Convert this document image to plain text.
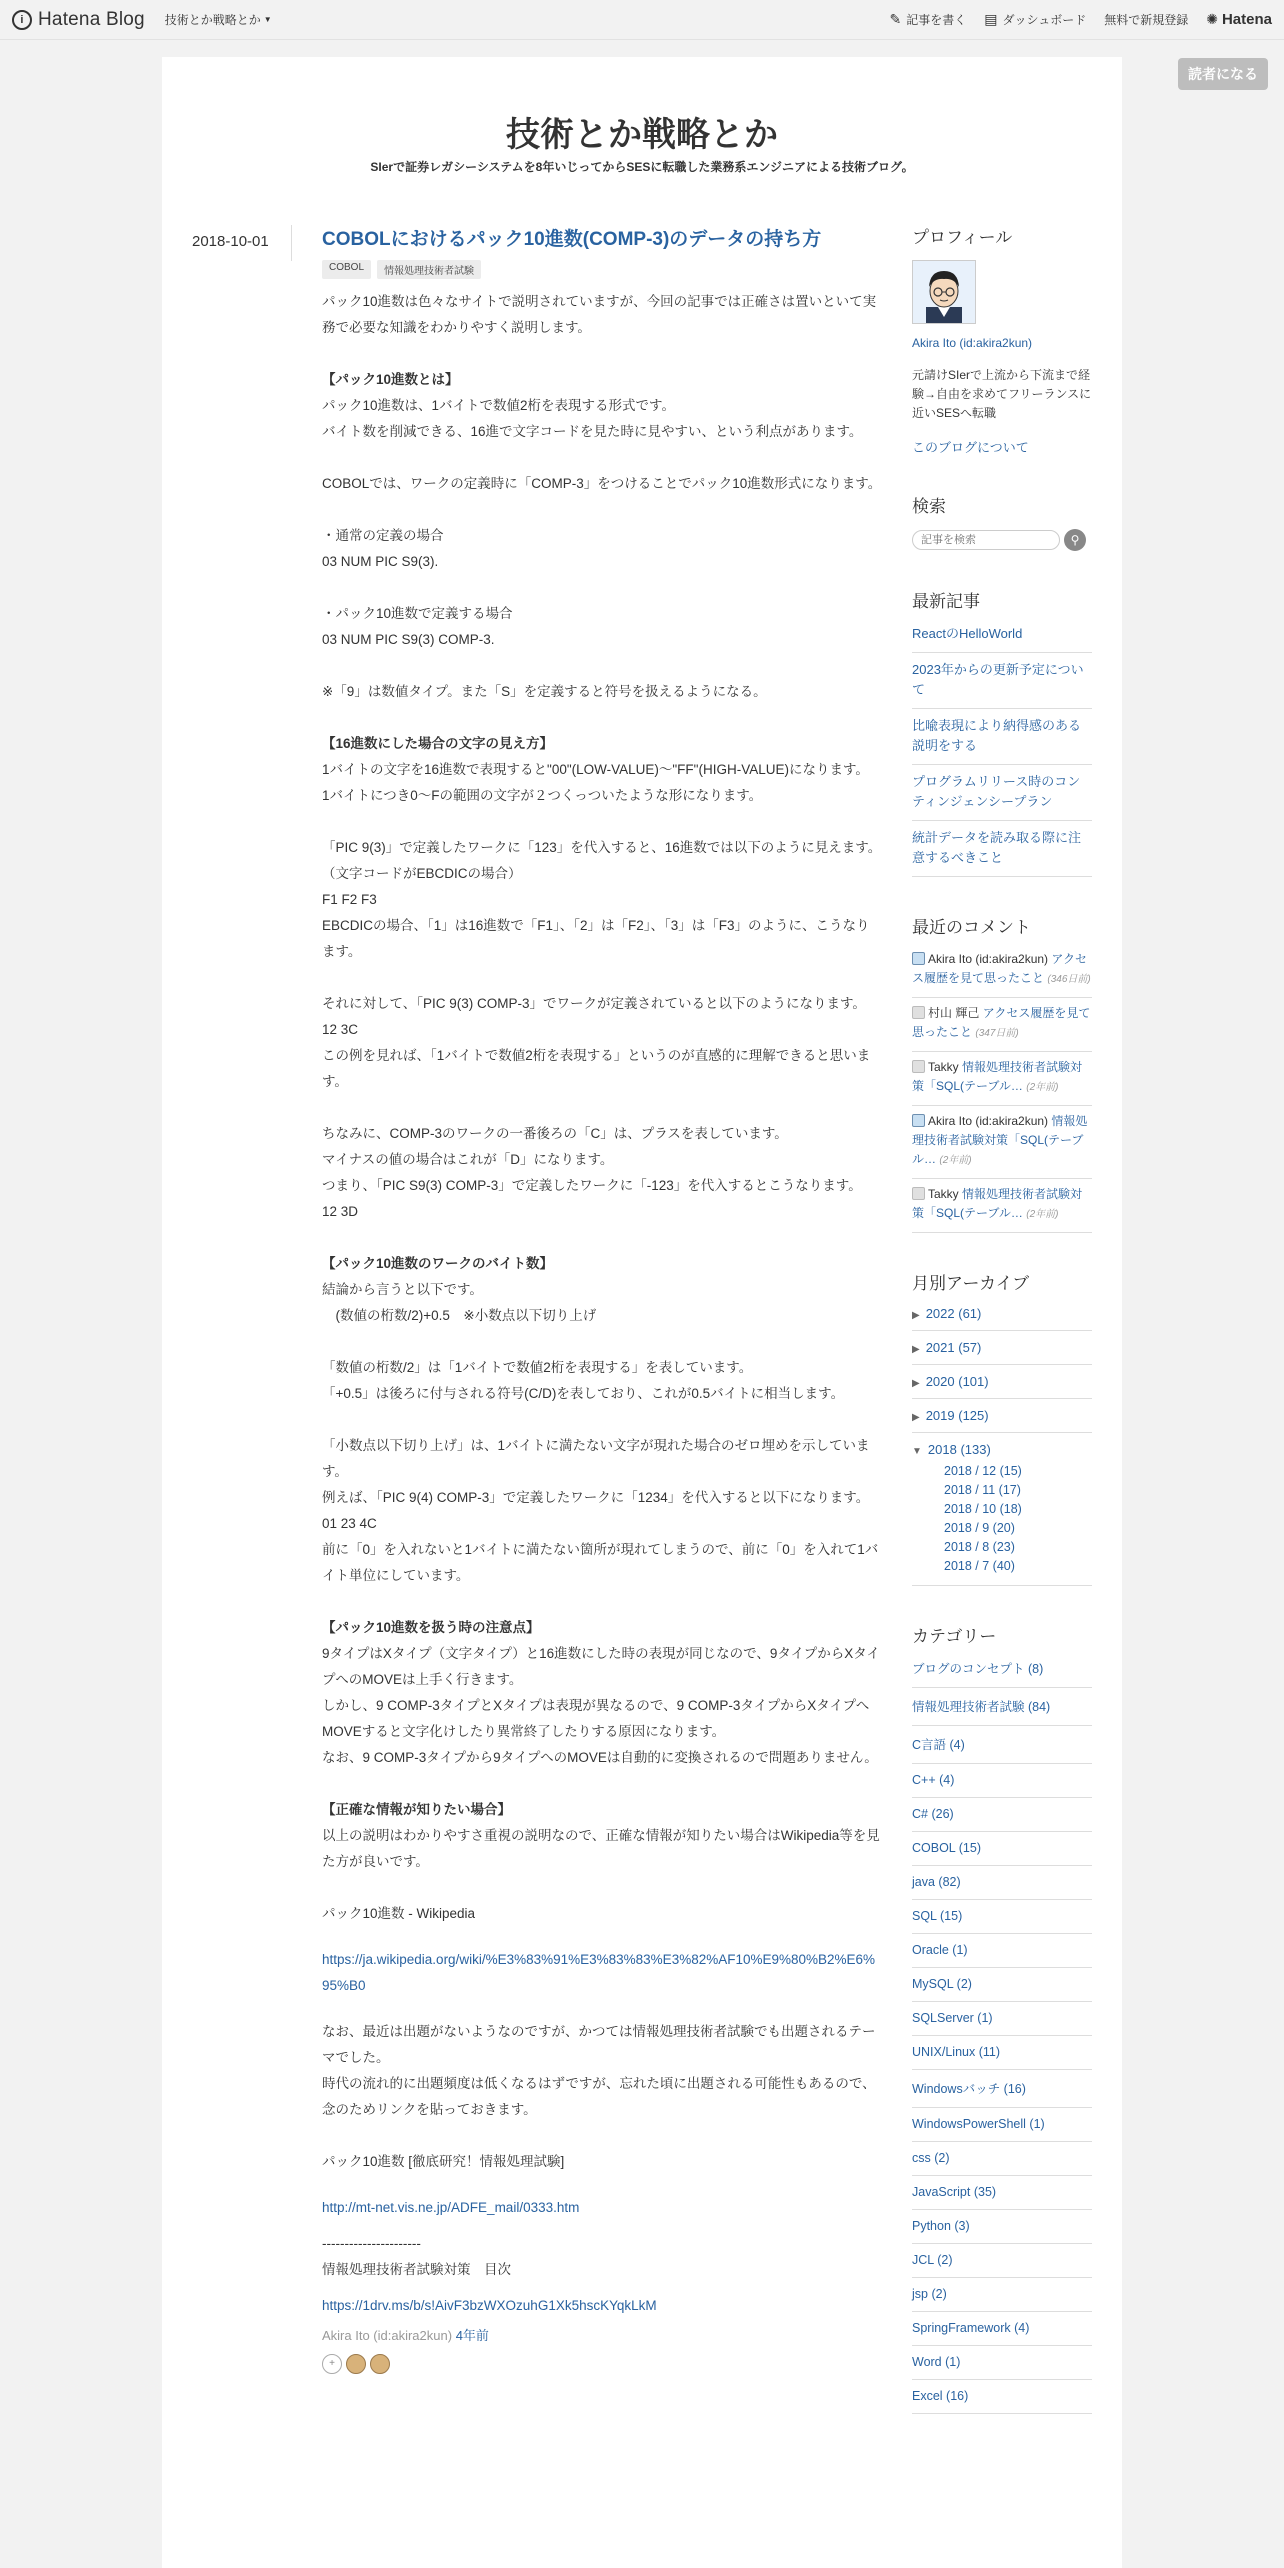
i Hatena Blog 技術とか戦略とか ▼	✎ 記事を書く ▤ ダッシュボード 無料で新規登録 ✺ Hatena
読者になる
技術とか戦略とか
SIerで証券レガシーシステムを8年いじってからSESに転職した業務系エンジニアによる技術ブログ。
2018-10-01	COBOLにおけるパック10進数(COMP-3)のデータの持ち方
COBOL	情報処理技術者試験

パック10進数は色々なサイトで説明されていますが、今回の記事では正確さは置いといて実務で必要な知識をわかりやすく説明します。

【パック10進数とは】

パック10進数は、1バイトで数値2桁を表現する形式です。

バイト数を削減できる、16進で文字コードを見た時に見やすい、という利点があります。

COBOLでは、ワークの定義時に「COMP-3」をつけることでパック10進数形式になります。

・通常の定義の場合

03 NUM PIC S9(3).

・パック10進数で定義する場合

03 NUM PIC S9(3) COMP-3.

※「9」は数値タイプ。また「S」を定義すると符号を扱えるようになる。

【16進数にした場合の文字の見え方】

1バイトの文字を16進数で表現すると"00"(LOW-VALUE)～"FF"(HIGH-VALUE)になります。

1バイトにつき0～Fの範囲の文字が２つくっついたような形になります。

「PIC 9(3)」で定義したワークに「123」を代入すると、16進数では以下のように見えます。

（文字コードがEBCDICの場合）

F1 F2 F3

EBCDICの場合、「1」は16進数で「F1」、「2」は「F2」、「3」は「F3」のように、こうなります。

それに対して、「PIC 9(3) COMP-3」でワークが定義されていると以下のようになります。

12 3C

この例を見れば、「1バイトで数値2桁を表現する」というのが直感的に理解できると思います。

ちなみに、COMP-3のワークの一番後ろの「C」は、プラスを表しています。

マイナスの値の場合はこれが「D」になります。

つまり、「PIC S9(3) COMP-3」で定義したワークに「-123」を代入するとこうなります。

12 3D

【パック10進数のワークのバイト数】

結論から言うと以下です。

　(数値の桁数/2)+0.5　※小数点以下切り上げ

「数値の桁数/2」は「1バイトで数値2桁を表現する」を表しています。

「+0.5」は後ろに付与される符号(C/D)を表しており、これが0.5バイトに相当します。

「小数点以下切り上げ」は、1バイトに満たない文字が現れた場合のゼロ埋めを示しています。

例えば、「PIC 9(4) COMP-3」で定義したワークに「1234」を代入すると以下になります。

01 23 4C

前に「0」を入れないと1バイトに満たない箇所が現れてしまうので、前に「0」を入れて1バイト単位にしています。

【パック10進数を扱う時の注意点】

9タイプはXタイプ（文字タイプ）と16進数にした時の表現が同じなので、9タイプからXタイプへのMOVEは上手く行きます。

しかし、9 COMP-3タイプとXタイプは表現が異なるので、9 COMP-3タイプからXタイプへMOVEすると文字化けしたり異常終了したりする原因になります。

なお、9 COMP-3タイプから9タイプへのMOVEは自動的に変換されるので問題ありません。

【正確な情報が知りたい場合】

以上の説明はわかりやすさ重視の説明なので、正確な情報が知りたい場合はWikipedia等を見た方が良いです。

パック10進数 - Wikipedia

https://ja.wikipedia.org/wiki/%E3%83%91%E3%83%83%E3%82%AF10%E9%80%B2%E6%95%B0

なお、最近は出題がないようなのですが、かつては情報処理技術者試験でも出題されるテーマでした。

時代の流れ的に出題頻度は低くなるはずですが、忘れた頃に出題される可能性もあるので、念のためリンクを貼っておきます。

パック10進数 [徹底研究！情報処理試験]

http://mt-net.vis.ne.jp/ADFE_mail/0333.htm

----------------------

情報処理技術者試験対策　目次

https://1drv.ms/b/s!AivF3bzWXOzuhG1Xk5hscKYqkLkM

Akira Ito (id:akira2kun) 4年前
+
プロフィール
Akira Ito (id:akira2kun)
元請けSIerで上流から下流まで経験→自由を求めてフリーランスに近いSESへ転職
このブログについて
検索
記事を検索
⚲
最新記事
ReactのHelloWorld
2023年からの更新予定について
比喩表現により納得感のある説明をする
プログラムリリース時のコンティンジェンシープラン
統計データを読み取る際に注意するべきこと
最近のコメント
Akira Ito (id:akira2kun) アクセス履歴を見て思ったこと (346日前)
村山 輝己 アクセス履歴を見て思ったこと (347日前)
Takky 情報処理技術者試験対策「SQL(テーブル… (2年前)
Akira Ito (id:akira2kun) 情報処理技術者試験対策「SQL(テーブル… (2年前)
Takky 情報処理技術者試験対策「SQL(テーブル… (2年前)
月別アーカイブ
▶ 2022 (61)
▶ 2021 (57)
▶ 2020 (101)
▶ 2019 (125)
▼ 2018 (133)
2018 / 12 (15)
2018 / 11 (17)
2018 / 10 (18)
2018 / 9 (20)
2018 / 8 (23)
2018 / 7 (40)
カテゴリー
ブログのコンセプト (8)
情報処理技術者試験 (84)
C言語 (4)
C++ (4)
C# (26)
COBOL (15)
java (82)
SQL (15)
Oracle (1)
MySQL (2)
SQLServer (1)
UNIX/Linux (11)
Windowsバッチ (16)
WindowsPowerShell (1)
css (2)
JavaScript (35)
Python (3)
JCL (2)
jsp (2)
SpringFramework (4)
Word (1)
Excel (16)
